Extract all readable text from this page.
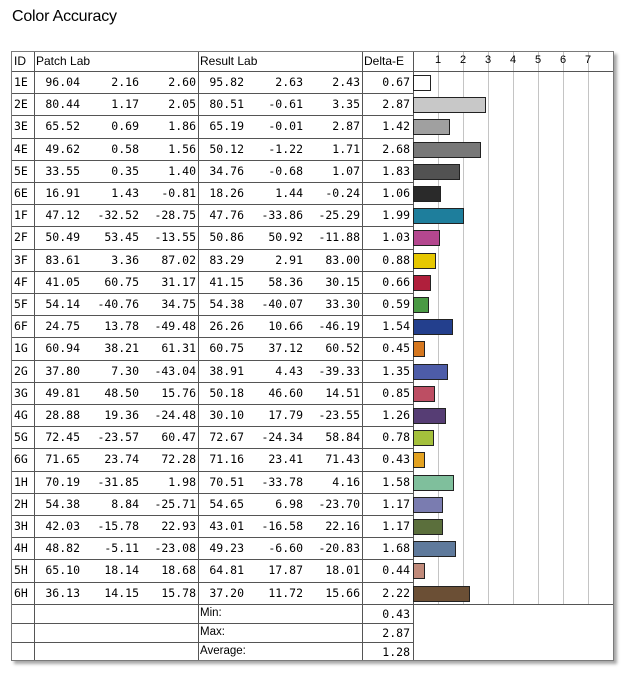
Color Accuracy
ID Patch Lab	Result Lab	Delta-E	1	2	3	4	5	6	7
1E	96.04	2.16	2.60	95.82	2.63	2.43	0.67
2E	80.44	1.17	2.05	80.51	-0.61	3.35	2.87
3E	65.52	0.69	1.86	65.19	-0.01	2.87	1.42
4E	49.62	0.58	1.56	50.12	-1.22	1.71	2.68
5E	33.55	0.35	1.40	34.76	-0.68	1.07	1.83
6E	16.91	1.43	-0.81	18.26	1.44	-0.24	1.06
1F	47.12	-32.52	-28.75	47.76	-33.86	-25.29	1.99
2F	50.49	53.45	-13.55	50.86	50.92	-11.88	1.03
3F	83.61	3.36	87.02	83.29	2.91	83.00	0.88
4F	41.05	60.75	31.17	41.15	58.36	30.15	0.66
5F	54.14	-40.76	34.75	54.38	-40.07	33.30	0.59
6F	24.75	13.78	-49.48	26.26	10.66	-46.19	1.54
1G	60.94	38.21	61.31	60.75	37.12	60.52	0.45
2G	37.80	7.30	-43.04	38.91	4.43	-39.33	1.35
3G	49.81	48.50	15.76	50.18	46.60	14.51	0.85
4G	28.88	19.36	-24.48	30.10	17.79	-23.55	1.26
5G	72.45	-23.57	60.47	72.67	-24.34	58.84	0.78
6G	71.65	23.74	72.28	71.16	23.41	71.43	0.43
1H	70.19	-31.85	1.98	70.51	-33.78	4.16	1.58
2H	54.38	8.84	-25.71	54.65	6.98	-23.70	1.17
3H	42.03	-15.78	22.93	43.01	-16.58	22.16	1.17
4H	48.82	-5.11	-23.08	49.23	-6.60	-20.83	1.68
5H	65.10	18.14	18.68	64.81	17.87	18.01	0.44
6H	36.13	14.15	15.78	37.20	11.72	15.66	2.22
Min:	0.43
Max:	2.87
Average:	1.28
